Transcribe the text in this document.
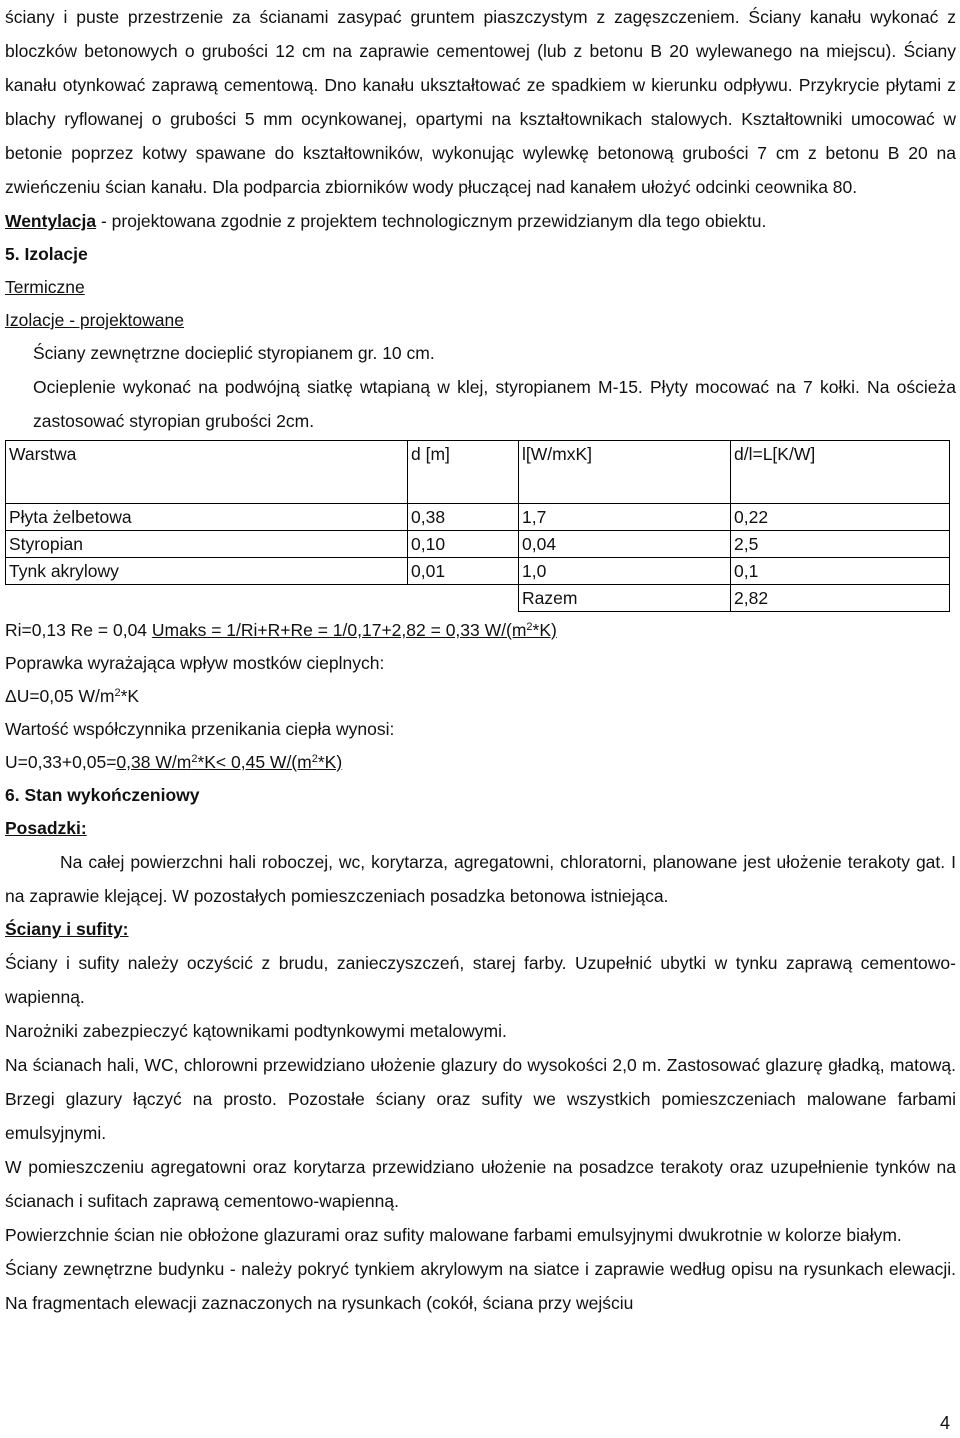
ściany i puste przestrzenie za ścianami zasypać gruntem piaszczystym z zagęszczeniem. Ściany kanału wykonać z bloczków betonowych o grubości 12 cm na zaprawie cementowej (lub z betonu B 20 wylewanego na miejscu). Ściany kanału otynkować zaprawą cementową. Dno kanału ukształtować ze spadkiem w kierunku odpływu. Przykrycie płytami z blachy ryflowanej o grubości 5 mm ocynkowanej, opartymi na kształtownikach stalowych. Kształtowniki umocować w betonie poprzez kotwy spawane do kształtowników, wykonując wylewkę betonową grubości 7 cm z betonu B 20 na zwieńczeniu ścian kanału. Dla podparcia zbiorników wody płuczącej nad kanałem ułożyć odcinki ceownika 80.

Wentylacja - projektowana zgodnie z projektem technologicznym przewidzianym dla tego obiektu.

5. Izolacje

Termiczne

Izolacje - projektowane

Ściany zewnętrzne docieplić styropianem gr. 10 cm.

Ocieplenie wykonać na podwójną siatkę wtapianą w klej, styropianem M-15. Płyty mocować na 7 kołki. Na ościeża zastosować styropian grubości 2cm.

Warstwa	d [m]	l[W/mxK]	d/l=L[K/W]
Płyta żelbetowa	0,38	1,7	0,22
Styropian	0,10	0,04	2,5
Tynk akrylowy	0,01	1,0	0,1
		Razem	2,82

Ri=0,13 Re = 0,04 Umaks = 1/Ri+R+Re = 1/0,17+2,82 = 0,33 $W/(m^2*K)$

Poprawka wyrażająca wpływ mostków cieplnych:

ΔU=0,05 $W/m^2*K$

Wartość współczynnika przenikania ciepła wynosi:

U=0,33+0,05=0,38 $W/m^2*K< 0,45$ $W/(m^2*K)$

6. Stan wykończeniowy

Posadzki:

Na całej powierzchni hali roboczej, wc, korytarza, agregatowni, chloratorni, planowane jest ułożenie terakoty gat. I na zaprawie klejącej. W pozostałych pomieszczeniach posadzka betonowa istniejąca.

Ściany i sufity:

Ściany i sufity należy oczyścić z brudu, zanieczyszczeń, starej farby. Uzupełnić ubytki w tynku zaprawą cementowo- wapienną.

Narożniki zabezpieczyć kątownikami podtynkowymi metalowymi.

Na ścianach hali, WC, chlorowni przewidziano ułożenie glazury do wysokości 2,0 m. Zastosować glazurę gładką, matową. Brzegi glazury łączyć na prosto. Pozostałe ściany oraz sufity we wszystkich pomieszczeniach malowane farbami emulsyjnymi.

W pomieszczeniu agregatowni oraz korytarza przewidziano ułożenie na posadzce terakoty oraz uzupełnienie tynków na ścianach i sufitach zaprawą cementowo-wapienną.

Powierzchnie ścian nie obłożone glazurami oraz sufity malowane farbami emulsyjnymi dwukrotnie w kolorze białym.

Ściany zewnętrzne budynku - należy pokryć tynkiem akrylowym na siatce i zaprawie według opisu na rysunkach elewacji. Na fragmentach elewacji zaznaczonych na rysunkach (cokół, ściana przy wejściu

4
